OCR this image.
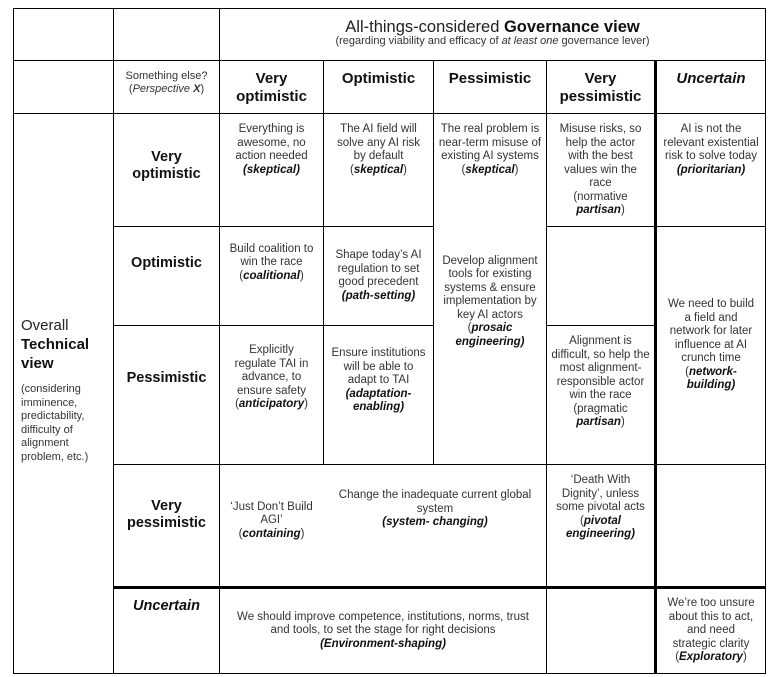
All-things-considered Governance view
(regarding viability and efficacy of at least one governance lever)
Something else?
(Perspective X)
Very optimistic
Optimistic Pessimistic	Very pessimistic
Uncertain
Overall
Technical view
(considering imminence, predictability, difficulty of alignment problem, etc.)
Very optimistic
Optimistic
Pessimistic
Very pessimistic
Uncertain
Everything is awesome, no action needed
(skeptical)
The AI field will solve any AI risk by default
(skeptical)
The real problem is near-term misuse of existing AI systems
(skeptical)
Misuse risks, so help the actor with the best values win the race
(normative partisan)
AI is not the relevant existential risk to solve today
(prioritarian)
Build coalition to win the race
(coalitional)
Shape today’s AI regulation to set good precedent
(path-setting)
Develop alignment tools for existing systems & ensure implementation by key AI actors
(prosaic engineering)
We need to build a field and network for later influence at AI crunch time
(network-building)
Explicitly regulate TAI in advance, to ensure safety
(anticipatory)
Ensure institutions will be able to adapt to TAI
(adaptation-enabling)
Alignment is difficult, so help the most alignment-responsible actor win the race
(pragmatic partisan)
‘Just Don’t Build AGI’
(containing)
Change the inadequate current global system
(system- changing)
‘Death With Dignity’, unless some pivotal acts
(pivotal engineering)
We should improve competence, institutions, norms, trust and tools, to set the stage for right decisions
(Environment-shaping)
We’re too unsure about this to act, and need strategic clarity
(Exploratory)
